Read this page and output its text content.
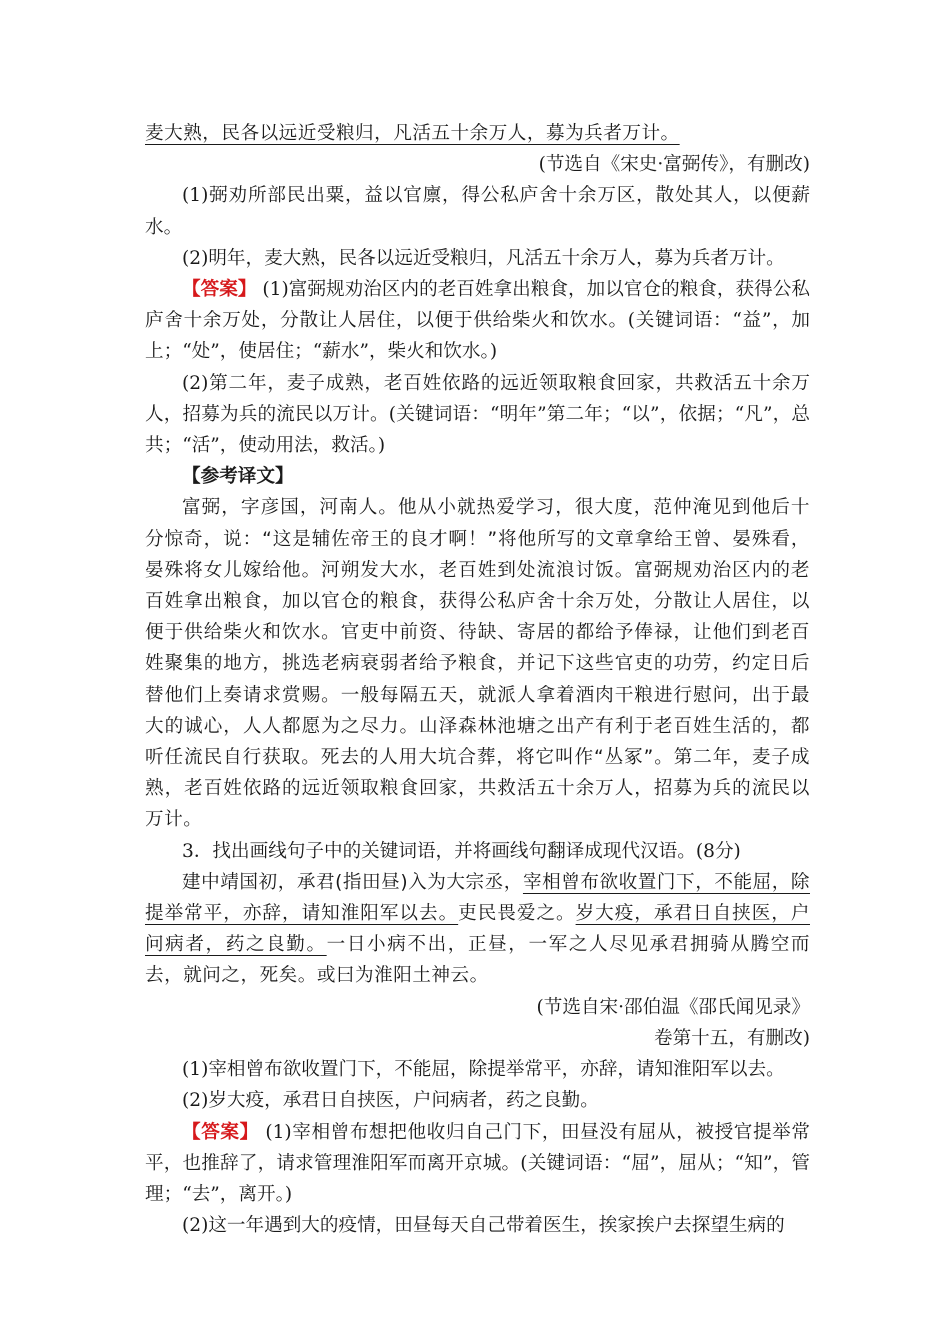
麦大熟，民各以远近受粮归，凡活五十余万人，募为兵者万计。

(节选自《宋史·富弼传》，有删改)

(1)弼劝所部民出粟，益以官廪，得公私庐舍十余万区，散处其人，以便薪水。

(2)明年，麦大熟，民各以远近受粮归，凡活五十余万人，募为兵者万计。

【答案】 (1)富弼规劝治区内的老百姓拿出粮食，加以官仓的粮食，获得公私庐舍十余万处，分散让人居住，以便于供给柴火和饮水。(关键词语：“益”，加上；“处”，使居住；“薪水”，柴火和饮水。)

(2)第二年，麦子成熟，老百姓依路的远近领取粮食回家，共救活五十余万人，招募为兵的流民以万计。(关键词语：“明年”第二年；“以”，依据；“凡”，总共；“活”，使动用法，救活。)

【参考译文】

富弼，字彦国，河南人。他从小就热爱学习，很大度，范仲淹见到他后十分惊奇，说：“这是辅佐帝王的良才啊！”将他所写的文章拿给王曾、晏殊看，晏殊将女儿嫁给他。河朔发大水，老百姓到处流浪讨饭。富弼规劝治区内的老百姓拿出粮食，加以官仓的粮食，获得公私庐舍十余万处，分散让人居住，以便于供给柴火和饮水。官吏中前资、待缺、寄居的都给予俸禄，让他们到老百姓聚集的地方，挑选老病衰弱者给予粮食，并记下这些官吏的功劳，约定日后替他们上奏请求赏赐。一般每隔五天，就派人拿着酒肉干粮进行慰问，出于最大的诚心，人人都愿为之尽力。山泽森林池塘之出产有利于老百姓生活的，都听任流民自行获取。死去的人用大坑合葬，将它叫作“丛冢”。第二年，麦子成熟，老百姓依路的远近领取粮食回家，共救活五十余万人，招募为兵的流民以万计。

3．找出画线句子中的关键词语，并将画线句翻译成现代汉语。(8分)

建中靖国初，承君(指田昼)入为大宗丞，宰相曾布欲收置门下，不能屈，除提举常平，亦辞，请知淮阳军以去。吏民畏爱之。岁大疫，承君日自挟医，户问病者，药之良勤。一日小病不出，正昼，一军之人尽见承君拥骑从腾空而去，就问之，死矣。或曰为淮阳土神云。

(节选自宋·邵伯温《邵氏闻见录》

卷第十五，有删改)

(1)宰相曾布欲收置门下，不能屈，除提举常平，亦辞，请知淮阳军以去。

(2)岁大疫，承君日自挟医，户问病者，药之良勤。

【答案】 (1)宰相曾布想把他收归自己门下，田昼没有屈从，被授官提举常平，也推辞了，请求管理淮阳军而离开京城。(关键词语：“屈”，屈从；“知”，管理；“去”，离开。)

(2)这一年遇到大的疫情，田昼每天自己带着医生，挨家挨户去探望生病的
